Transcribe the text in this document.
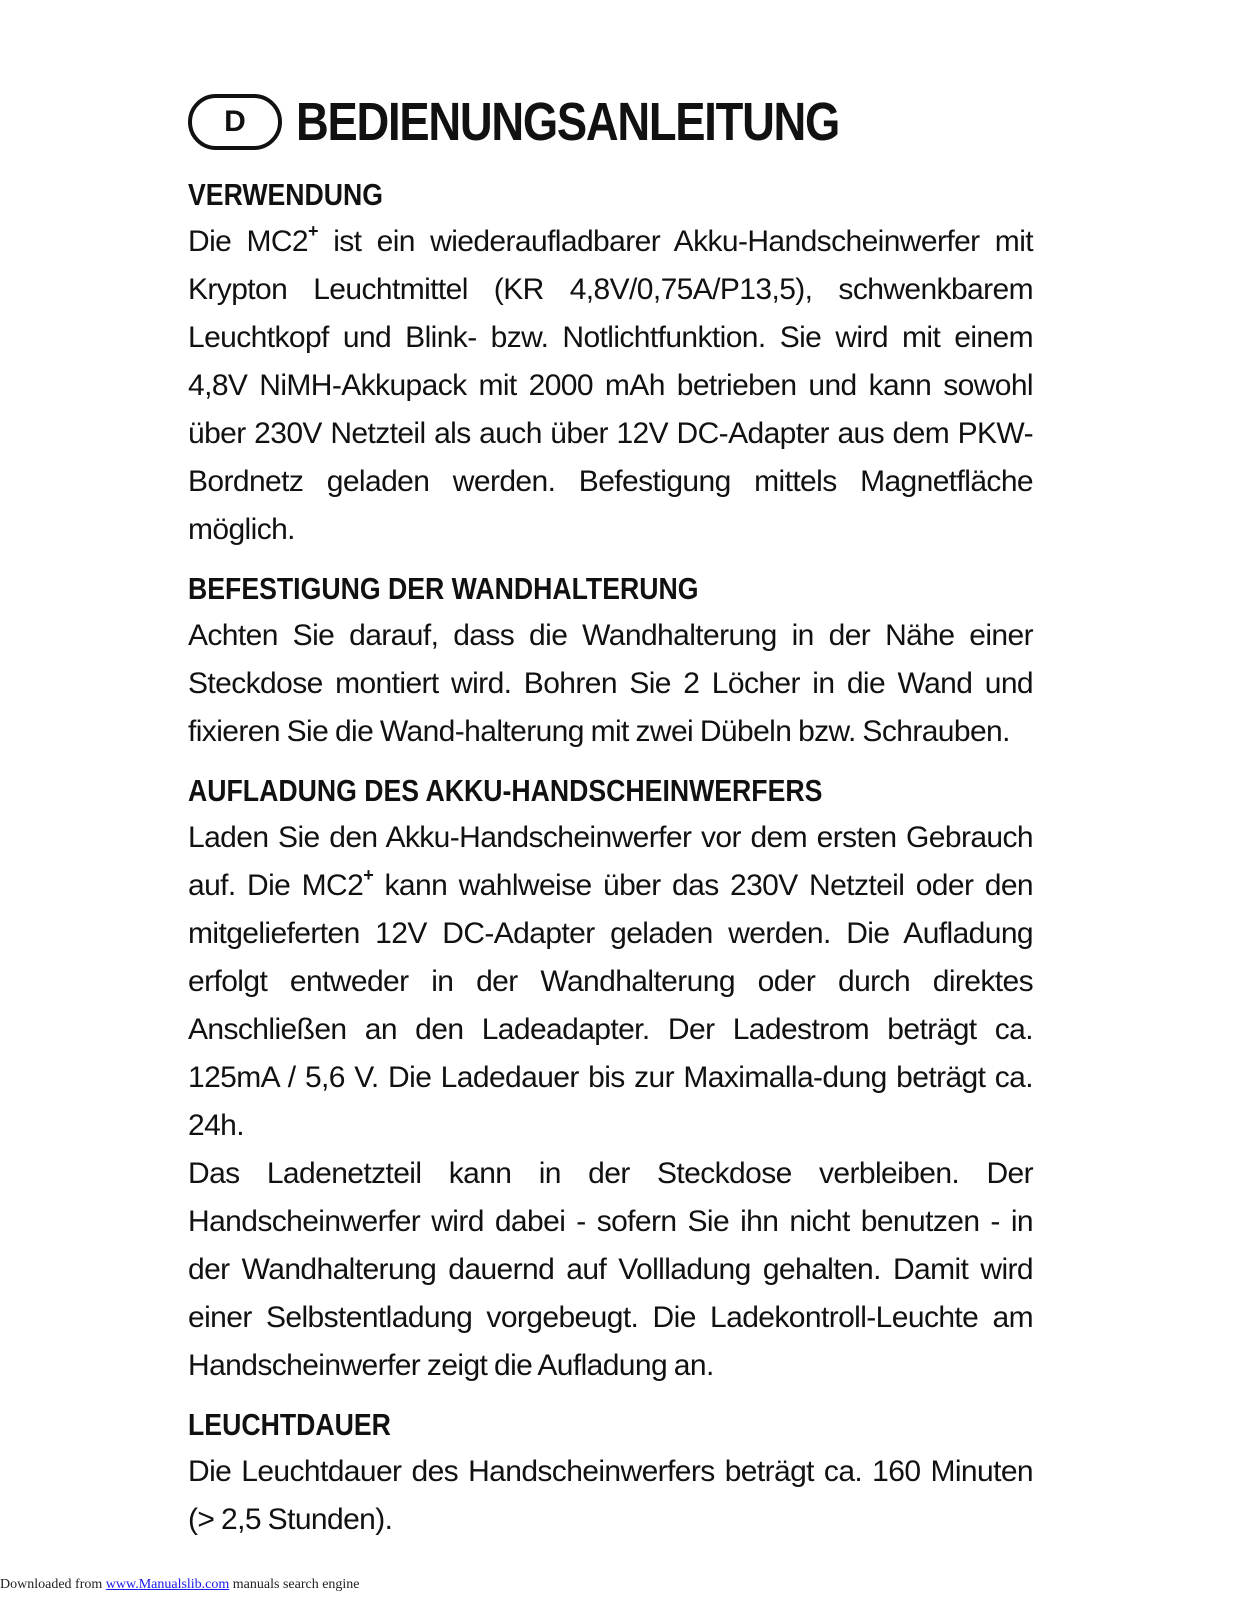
D BEDIENUNGSANLEITUNG
VERWENDUNG

Die MC2+ ist ein wiederaufladbarer Akku-Handscheinwerfer mit Krypton Leuchtmittel (KR 4,8V/0,75A/P13,5), schwenkbarem Leuchtkopf und Blink- bzw. Notlichtfunktion. Sie wird mit einem 4,8V NiMH-Akkupack mit 2000 mAh betrieben und kann sowohl über 230V Netzteil als auch über 12V DC-Adapter aus dem PKW-Bordnetz geladen werden. Befestigung mittels Magnetfläche möglich.

BEFESTIGUNG DER WANDHALTERUNG

Achten Sie darauf, dass die Wandhalterung in der Nähe einer Steckdose montiert wird. Bohren Sie 2 Löcher in die Wand und fixieren Sie die Wand-halterung mit zwei Dübeln bzw. Schrauben.

AUFLADUNG DES AKKU-HANDSCHEINWERFERS

Laden Sie den Akku-Handscheinwerfer vor dem ersten Gebrauch auf. Die MC2+ kann wahlweise über das 230V Netzteil oder den mitgelieferten 12V DC-Adapter geladen werden. Die Aufladung erfolgt entweder in der Wandhalterung oder durch direktes Anschließen an den Ladeadapter. Der Ladestrom beträgt ca. 125mA / 5,6 V. Die Ladedauer bis zur Maximalla-dung beträgt ca. 24h.

Das Ladenetzteil kann in der Steckdose verbleiben. Der Handscheinwerfer wird dabei - sofern Sie ihn nicht benutzen - in der Wandhalterung dauernd auf Vollladung gehalten. Damit wird einer Selbstentladung vorgebeugt. Die Ladekontroll-Leuchte am Handscheinwerfer zeigt die Aufladung an.

LEUCHTDAUER

Die Leuchtdauer des Handscheinwerfers beträgt ca. 160 Minuten (> 2,5 Stunden).

Downloaded from www.Manualslib.com manuals search engine
